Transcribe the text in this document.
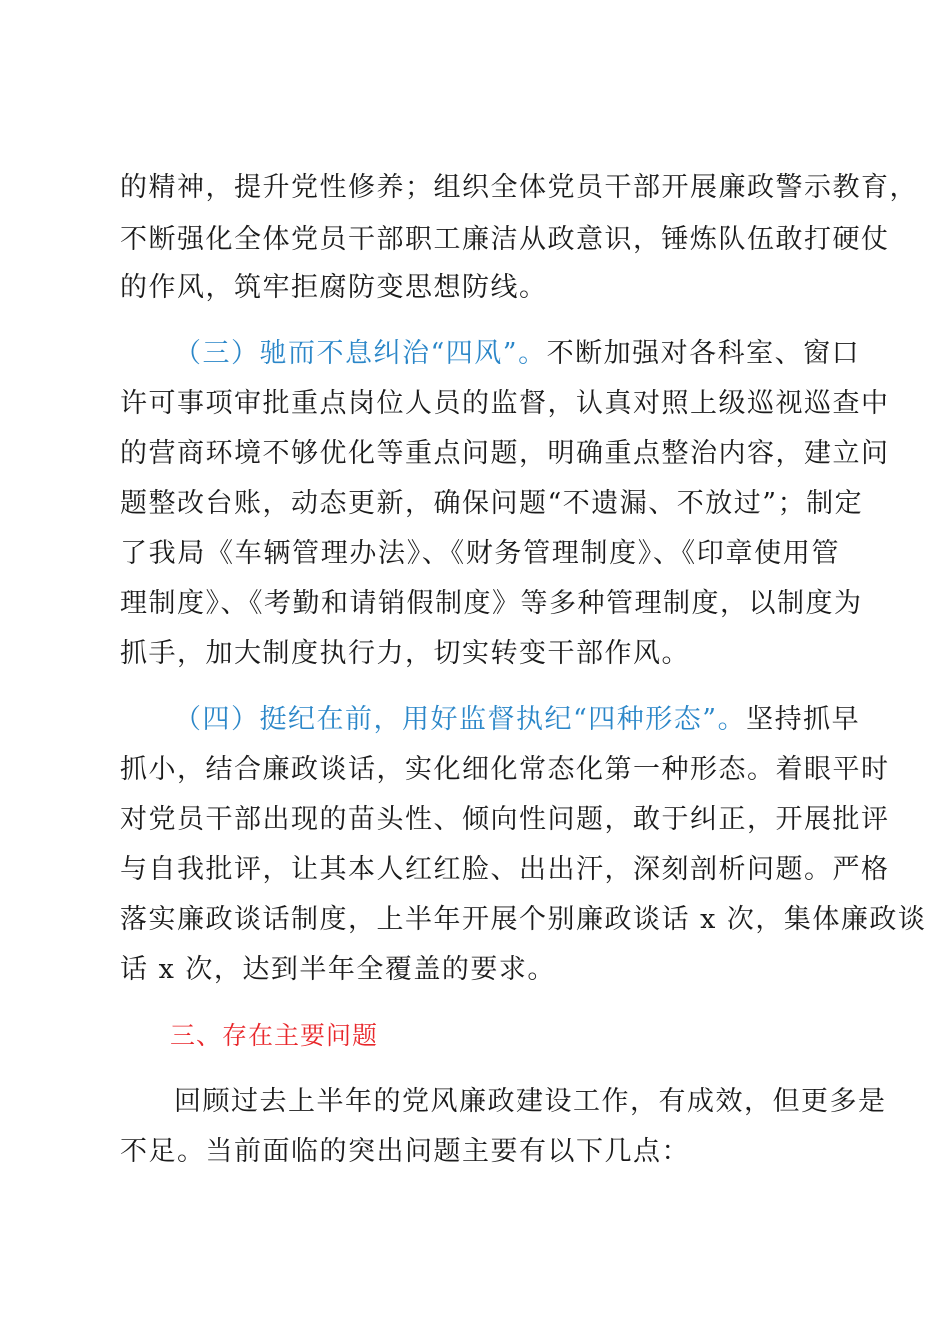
的精神，提升党性修养；组织全体党员干部开展廉政警示教育，
不断强化全体党员干部职工廉洁从政意识，锤炼队伍敢打硬仗
的作风，筑牢拒腐防变思想防线。
（三）驰而不息纠治“四风”。不断加强对各科室、窗口
许可事项审批重点岗位人员的监督，认真对照上级巡视巡查中
的营商环境不够优化等重点问题，明确重点整治内容，建立问
题整改台账，动态更新，确保问题“不遗漏、不放过”；制定
了我局《车辆管理办法》、《财务管理制度》、《印章使用管
理制度》、《考勤和请销假制度》等多种管理制度，以制度为
抓手，加大制度执行力，切实转变干部作风。
（四）挺纪在前，用好监督执纪“四种形态”。坚持抓早
抓小，结合廉政谈话，实化细化常态化第一种形态。着眼平时
对党员干部出现的苗头性、倾向性问题，敢于纠正，开展批评
与自我批评，让其本人红红脸、出出汗，深刻剖析问题。严格
落实廉政谈话制度，上半年开展个别廉政谈话 x 次，集体廉政谈
话 x 次，达到半年全覆盖的要求。
三、存在主要问题
回顾过去上半年的党风廉政建设工作，有成效，但更多是
不足。当前面临的突出问题主要有以下几点：
